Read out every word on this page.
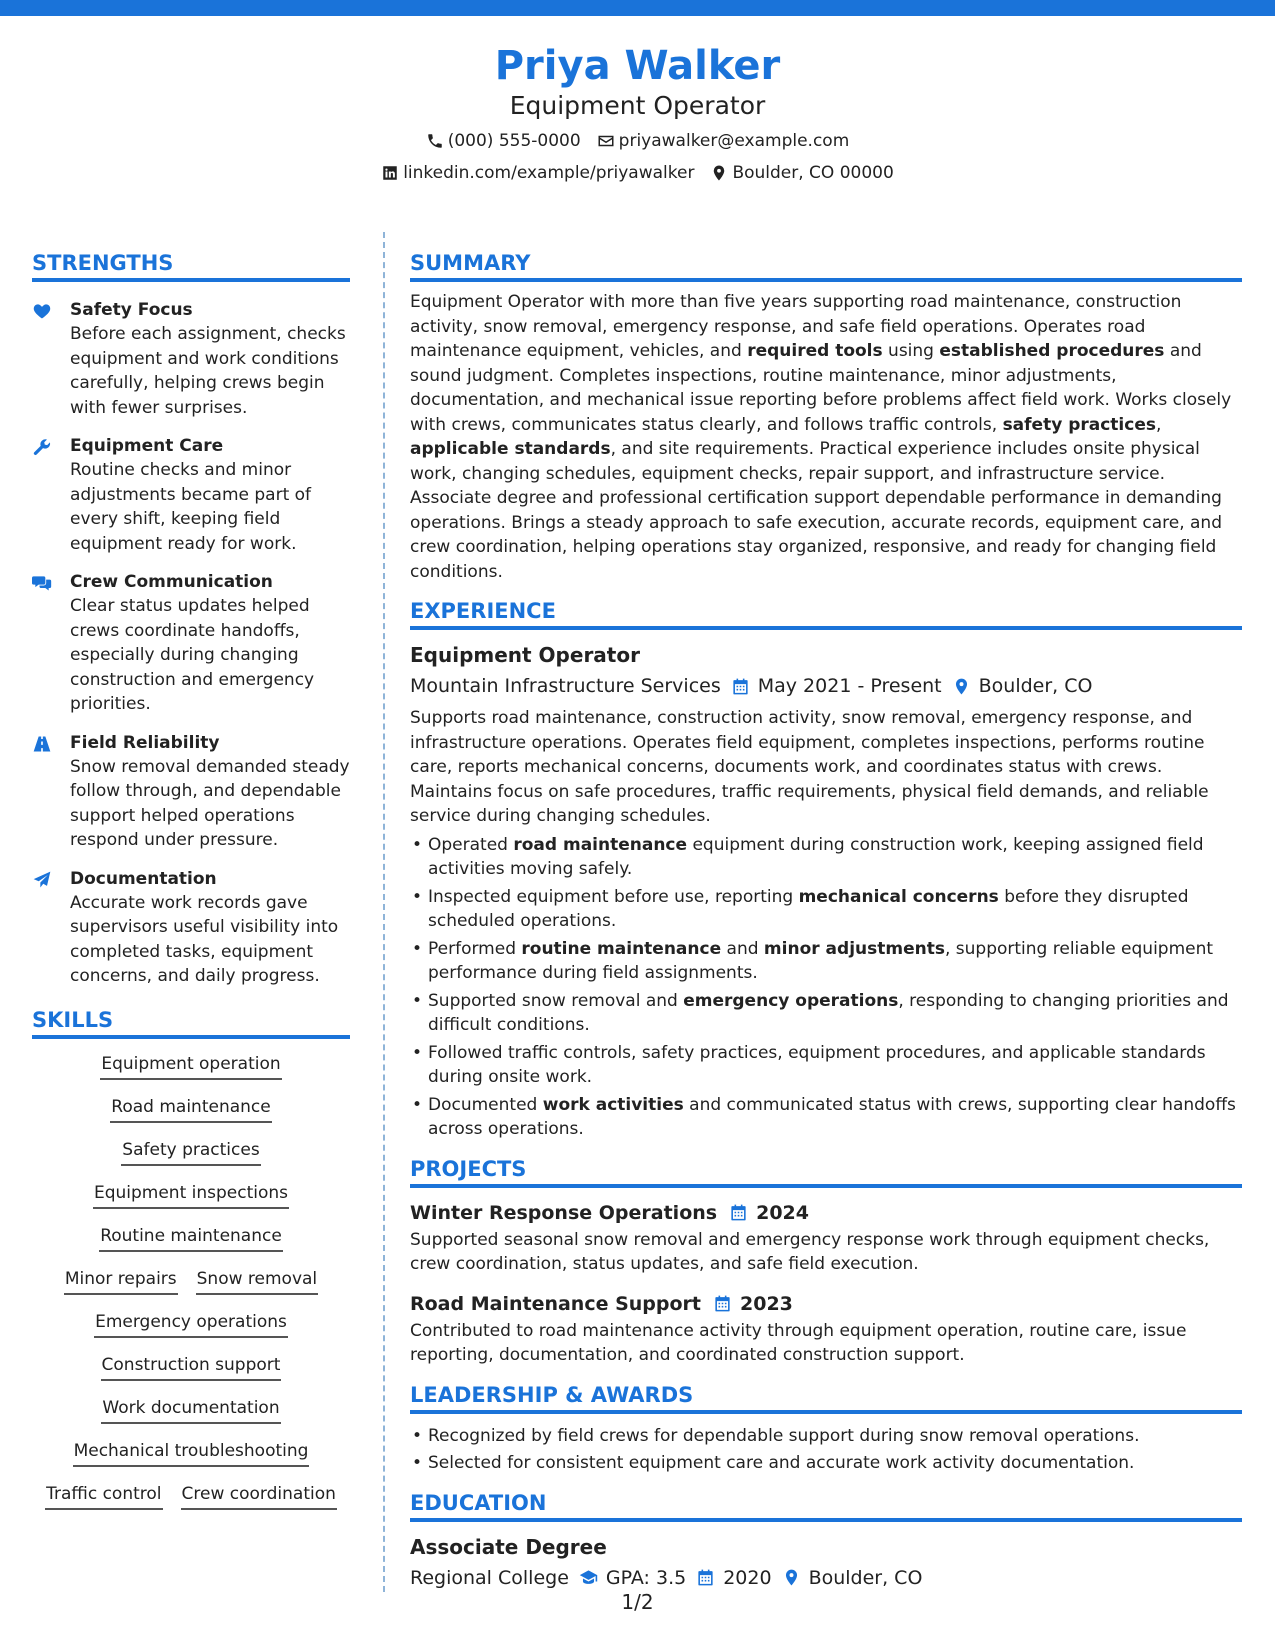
Priya Walker
Equipment Operator
(000) 555-0000 priyawalker@example.com
linkedin.com/example/priyawalker Boulder, CO 00000
STRENGTHS
Safety Focus
Before each assignment, checks equipment and work conditions carefully, helping crews begin with fewer surprises.
Equipment Care
Routine checks and minor adjustments became part of every shift, keeping field equipment ready for work.
Crew Communication
Clear status updates helped crews coordinate handoffs, especially during changing construction and emergency priorities.
Field Reliability
Snow removal demanded steady follow through, and dependable support helped operations respond under pressure.
Documentation
Accurate work records gave supervisors useful visibility into completed tasks, equipment concerns, and daily progress.
SKILLS
Equipment operation
Road maintenance
Safety practices
Equipment inspections
Routine maintenance
Minor repairs Snow removal
Emergency operations
Construction support
Work documentation
Mechanical troubleshooting
Traffic control Crew coordination
SUMMARY
Equipment Operator with more than five years supporting road maintenance, construction activity, snow removal, emergency response, and safe field operations. Operates road maintenance equipment, vehicles, and required tools using established procedures and sound judgment. Completes inspections, routine maintenance, minor adjustments, documentation, and mechanical issue reporting before problems affect field work. Works closely with crews, communicates status clearly, and follows traffic controls, safety practices, applicable standards, and site requirements. Practical experience includes onsite physical work, changing schedules, equipment checks, repair support, and infrastructure service. Associate degree and professional certification support dependable performance in demanding operations. Brings a steady approach to safe execution, accurate records, equipment care, and crew coordination, helping operations stay organized, responsive, and ready for changing field conditions.
EXPERIENCE
Equipment Operator
Mountain Infrastructure Services May 2021 - Present Boulder, CO
Supports road maintenance, construction activity, snow removal, emergency response, and infrastructure operations. Operates field equipment, completes inspections, performs routine care, reports mechanical concerns, documents work, and coordinates status with crews. Maintains focus on safe procedures, traffic requirements, physical field demands, and reliable service during changing schedules.
• Operated road maintenance equipment during construction work, keeping assigned field activities moving safely.
• Inspected equipment before use, reporting mechanical concerns before they disrupted scheduled operations.
• Performed routine maintenance and minor adjustments, supporting reliable equipment performance during field assignments.
• Supported snow removal and emergency operations, responding to changing priorities and difficult conditions.
• Followed traffic controls, safety practices, equipment procedures, and applicable standards during onsite work.
• Documented work activities and communicated status with crews, supporting clear handoffs across operations.
PROJECTS
Winter Response Operations 2024
Supported seasonal snow removal and emergency response work through equipment checks, crew coordination, status updates, and safe field execution.
Road Maintenance Support 2023
Contributed to road maintenance activity through equipment operation, routine care, issue reporting, documentation, and coordinated construction support.
LEADERSHIP & AWARDS
• Recognized by field crews for dependable support during snow removal operations.
• Selected for consistent equipment care and accurate work activity documentation.
EDUCATION
Associate Degree
Regional College GPA: 3.5 2020 Boulder, CO
1/2
